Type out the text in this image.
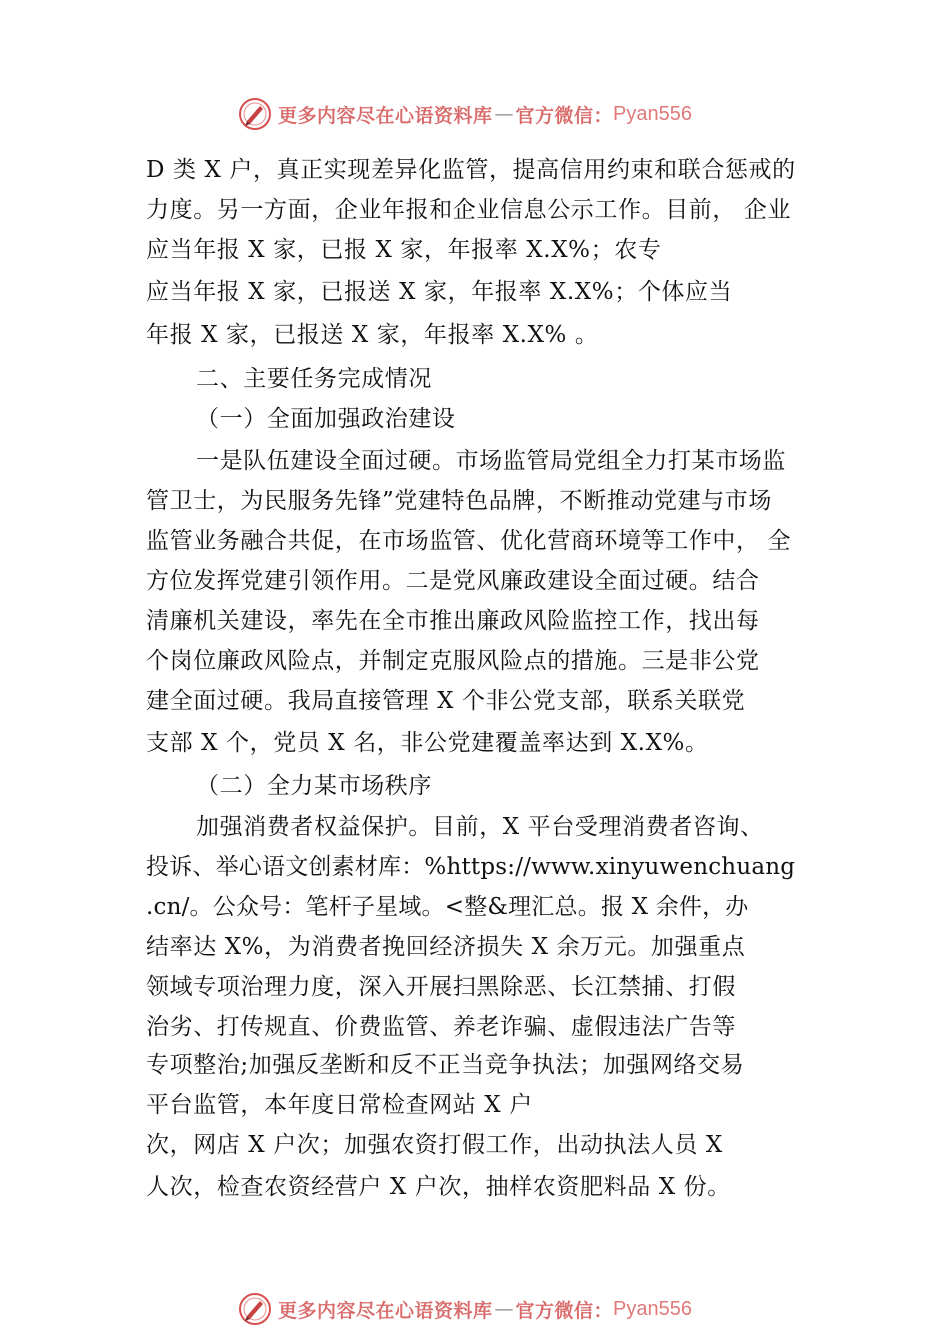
更多内容尽在心语资料库 — 官方微信： Pyan556
D 类 X 户，真正实现差异化监管，提高信用约束和联合惩戒的
力度。另一方面，企业年报和企业信息公示工作。目前， 企业
应当年报 X 家，已报 X 家，年报率 X.X%；农专
应当年报 X 家，已报送 X 家，年报率 X.X%；个体应当
年报 X 家，已报送 X 家，年报率 X.X% 。
二、主要任务完成情况
（一）全面加强政治建设
一是队伍建设全面过硬。市场监管局党组全力打某市场监
管卫士，为民服务先锋”党建特色品牌，不断推动党建与市场
监管业务融合共促，在市场监管、优化营商环境等工作中， 全
方位发挥党建引领作用。二是党风廉政建设全面过硬。结合
清廉机关建设，率先在全市推出廉政风险监控工作，找出每
个岗位廉政风险点，并制定克服风险点的措施。三是非公党
建全面过硬。我局直接管理 X 个非公党支部，联系关联党
支部 X 个，党员 X 名，非公党建覆盖率达到 X.X%。
（二）全力某市场秩序
加强消费者权益保护。目前，X 平台受理消费者咨询、
投诉、举心语文创素材库：%https://www.xinyuwenchuang
.cn/。公众号：笔杆子星域。<整&理汇总。报 X 余件，办
结率达 X%，为消费者挽回经济损失 X 余万元。加强重点
领域专项治理力度，深入开展扫黑除恶、长江禁捕、打假
治劣、打传规直、价费监管、养老诈骗、虚假违法广告等
专项整治;加强反垄断和反不正当竞争执法；加强网络交易
平台监管，本年度日常检查网站 X 户
次，网店 X 户次；加强农资打假工作，出动执法人员 X
人次，检查农资经营户 X 户次，抽样农资肥料品 X 份。
更多内容尽在心语资料库 — 官方微信： Pyan556
